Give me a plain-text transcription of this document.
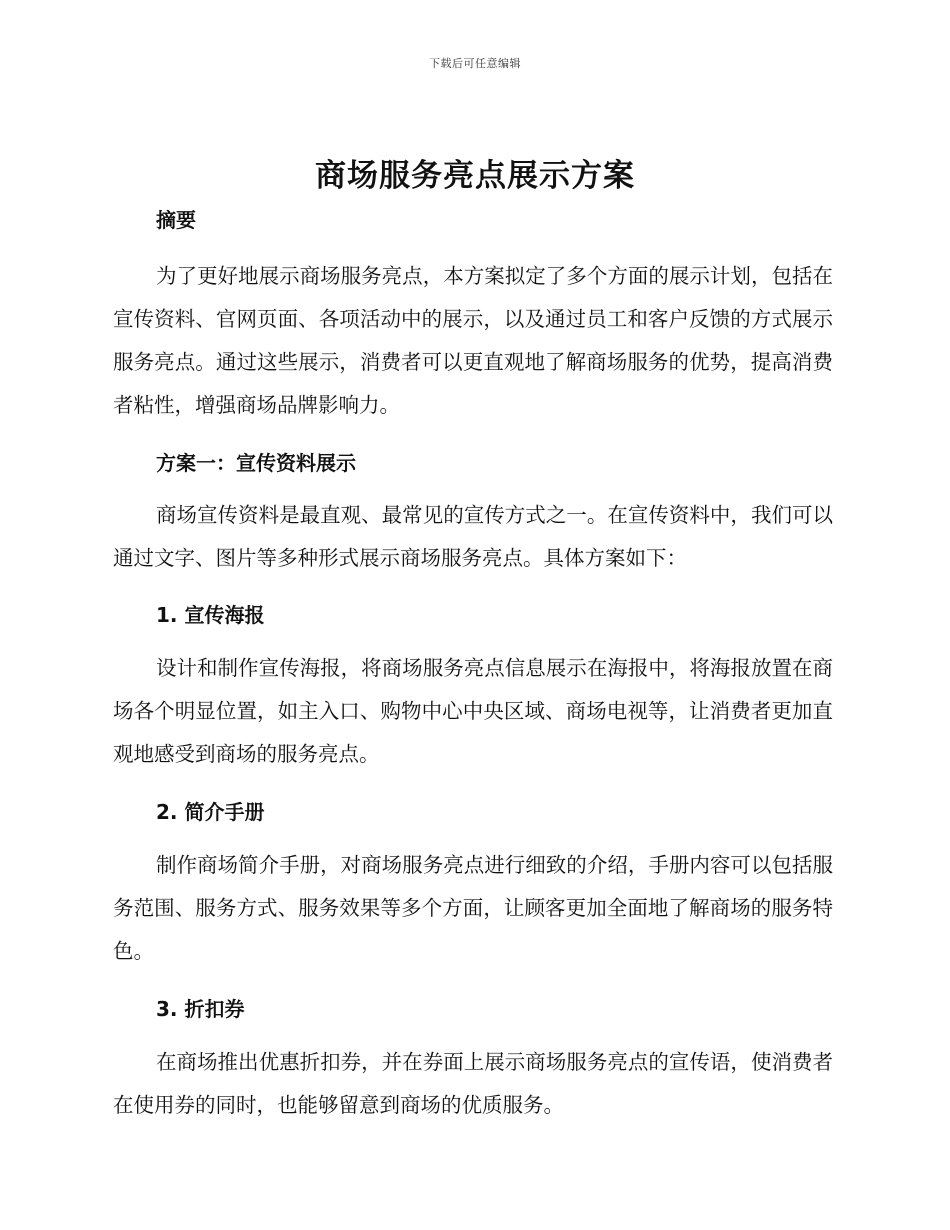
下载后可任意编辑
商场服务亮点展示方案
摘要

为了更好地展示商场服务亮点，本方案拟定了多个方面的展示计划，包括在宣传资料、官网页面、各项活动中的展示，以及通过员工和客户反馈的方式展示服务亮点。通过这些展示，消费者可以更直观地了解商场服务的优势，提高消费者粘性，增强商场品牌影响力。

方案一：宣传资料展示

商场宣传资料是最直观、最常见的宣传方式之一。在宣传资料中，我们可以通过文字、图片等多种形式展示商场服务亮点。具体方案如下：

1. 宣传海报

设计和制作宣传海报，将商场服务亮点信息展示在海报中，将海报放置在商场各个明显位置，如主入口、购物中心中央区域、商场电视等，让消费者更加直观地感受到商场的服务亮点。

2. 简介手册

制作商场简介手册，对商场服务亮点进行细致的介绍，手册内容可以包括服务范围、服务方式、服务效果等多个方面，让顾客更加全面地了解商场的服务特色。

3. 折扣券

在商场推出优惠折扣券，并在券面上展示商场服务亮点的宣传语，使消费者在使用券的同时，也能够留意到商场的优质服务。
